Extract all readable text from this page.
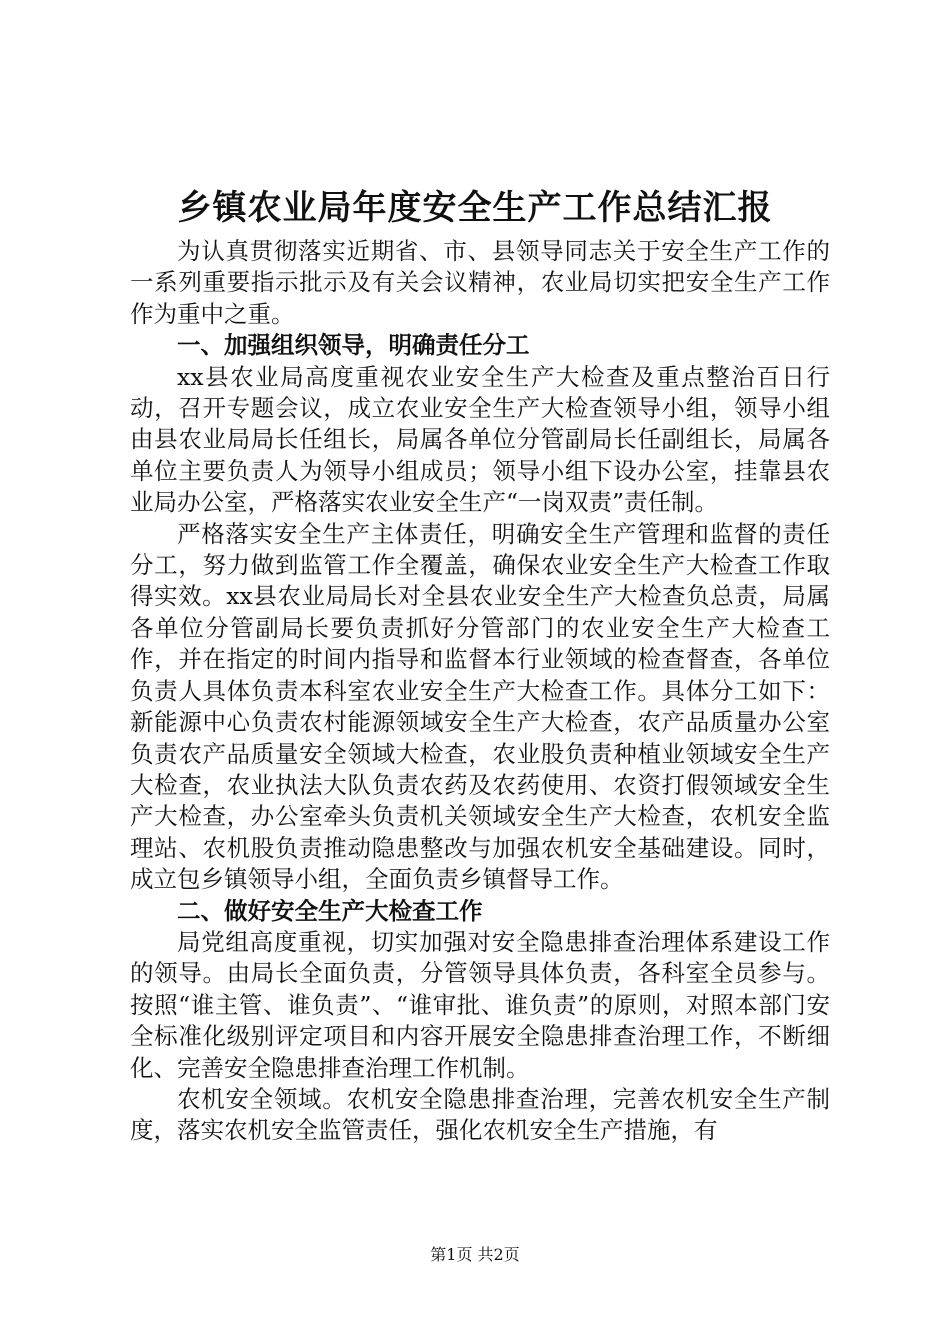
乡镇农业局年度安全生产工作总结汇报

为认真贯彻落实近期省、市、县领导同志关于安全生产工作的一系列重要指示批示及有关会议精神，农业局切实把安全生产工作作为重中之重。

一、加强组织领导，明确责任分工

xx县农业局高度重视农业安全生产大检查及重点整治百日行动，召开专题会议，成立农业安全生产大检查领导小组，领导小组由县农业局局长任组长，局属各单位分管副局长任副组长，局属各单位主要负责人为领导小组成员；领导小组下设办公室，挂靠县农业局办公室，严格落实农业安全生产“一岗双责”责任制。

严格落实安全生产主体责任，明确安全生产管理和监督的责任分工，努力做到监管工作全覆盖，确保农业安全生产大检查工作取得实效。xx县农业局局长对全县农业安全生产大检查负总责，局属各单位分管副局长要负责抓好分管部门的农业安全生产大检查工作，并在指定的时间内指导和监督本行业领域的检查督查，各单位负责人具体负责本科室农业安全生产大检查工作。具体分工如下：新能源中心负责农村能源领域安全生产大检查，农产品质量办公室负责农产品质量安全领域大检查，农业股负责种植业领域安全生产大检查，农业执法大队负责农药及农药使用、农资打假领域安全生产大检查，办公室牵头负责机关领域安全生产大检查，农机安全监理站、农机股负责推动隐患整改与加强农机安全基础建设。同时，成立包乡镇领导小组，全面负责乡镇督导工作。

二、做好安全生产大检查工作

局党组高度重视，切实加强对安全隐患排查治理体系建设工作的领导。由局长全面负责，分管领导具体负责，各科室全员参与。按照“谁主管、谁负责”、“谁审批、谁负责”的原则，对照本部门安全标准化级别评定项目和内容开展安全隐患排查治理工作，不断细化、完善安全隐患排查治理工作机制。

农机安全领域。农机安全隐患排查治理，完善农机安全生产制度，落实农机安全监管责任，强化农机安全生产措施，有

第1页 共2页
